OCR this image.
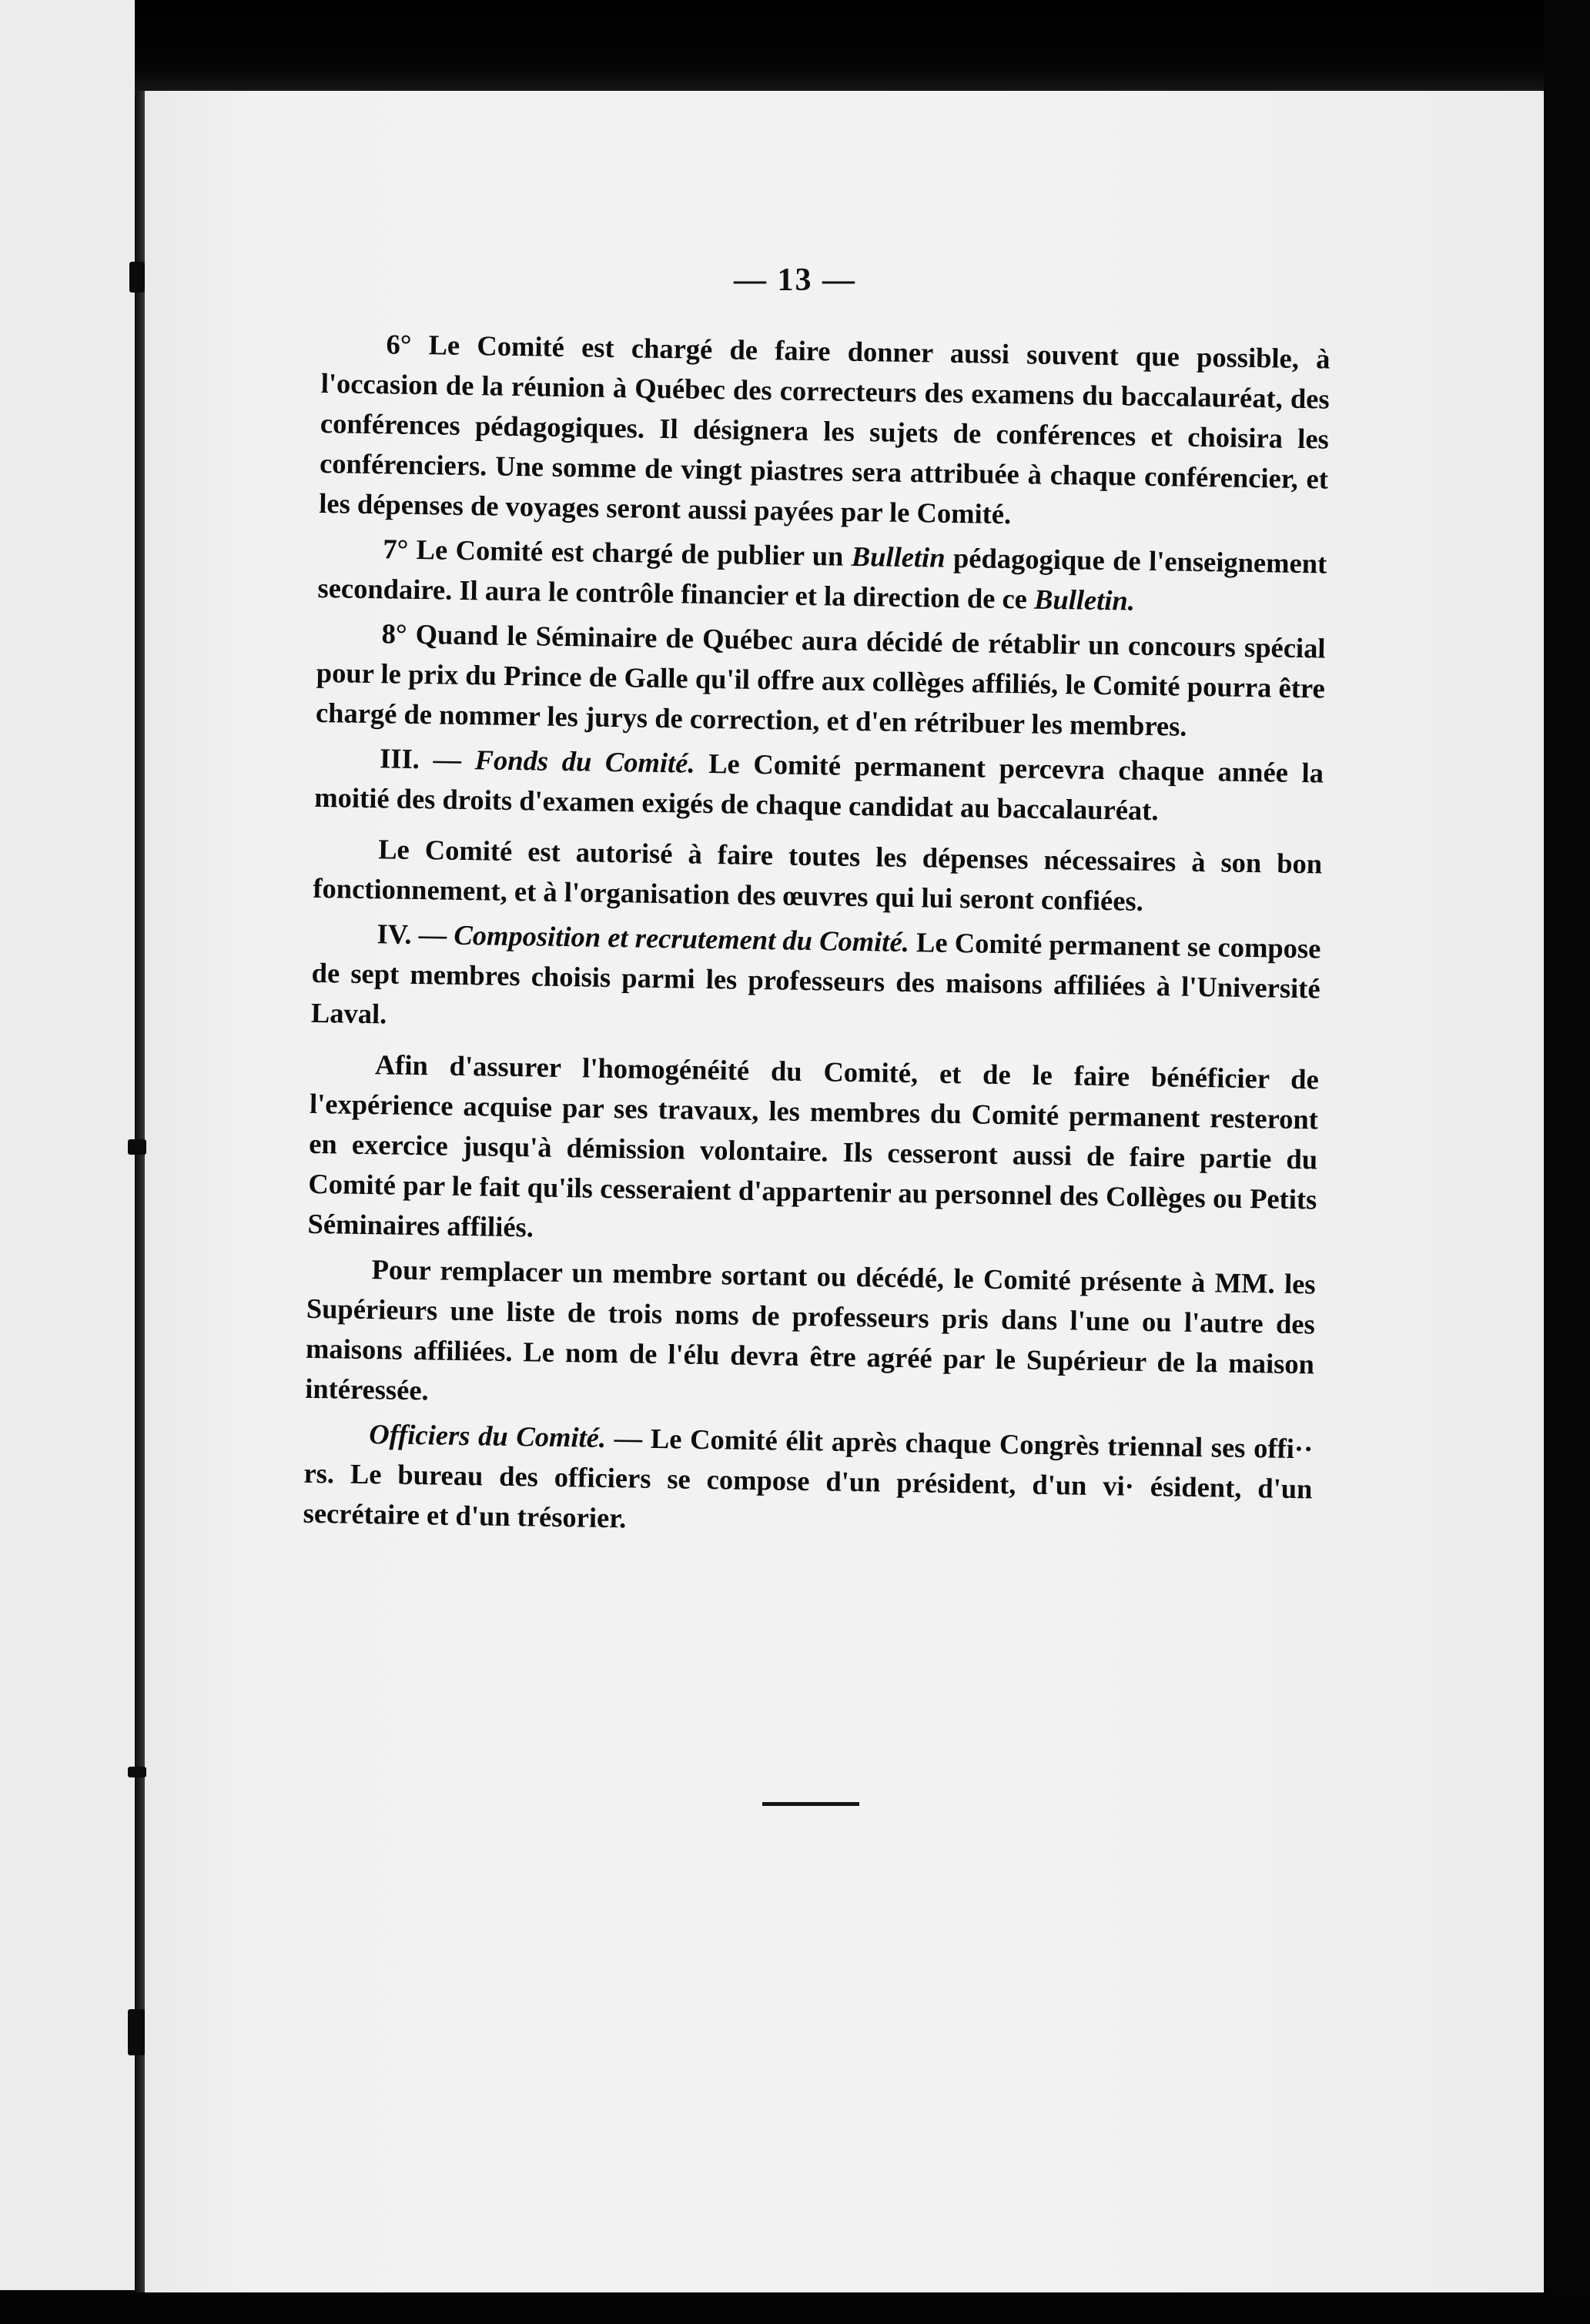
— 13 —

6° Le Comité est chargé de faire donner aussi souvent que possible, à l'occasion de la réunion à Québec des correcteurs des examens du baccalauréat, des conférences pédagogiques. Il désignera les sujets de conférences et choisira les conférenciers. Une somme de vingt piastres sera attribuée à chaque conférencier, et les dépenses de voyages seront aussi payées par le Comité.

7° Le Comité est chargé de publier un Bulletin pédagogique de l'enseignement secondaire. Il aura le contrôle financier et la direction de ce Bulletin.

8° Quand le Séminaire de Québec aura décidé de rétablir un concours spécial pour le prix du Prince de Galle qu'il offre aux collèges affiliés, le Comité pourra être chargé de nommer les jurys de correction, et d'en rétribuer les membres.

III. — Fonds du Comité. Le Comité permanent percevra chaque année la moitié des droits d'examen exigés de chaque candidat au baccalauréat.

Le Comité est autorisé à faire toutes les dépenses nécessaires à son bon fonctionnement, et à l'organisation des œuvres qui lui seront confiées.

IV. — Composition et recrutement du Comité. Le Comité permanent se compose de sept membres choisis parmi les professeurs des maisons affiliées à l'Université Laval.

Afin d'assurer l'homogénéité du Comité, et de le faire bénéficier de l'expérience acquise par ses travaux, les membres du Comité permanent resteront en exercice jusqu'à démission volontaire. Ils cesseront aussi de faire partie du Comité par le fait qu'ils cesseraient d'appartenir au personnel des Collèges ou Petits Séminaires affiliés.

Pour remplacer un membre sortant ou décédé, le Comité présente à MM. les Supérieurs une liste de trois noms de professeurs pris dans l'une ou l'autre des maisons affiliées. Le nom de l'élu devra être agréé par le Supérieur de la maison intéressée.

Officiers du Comité. — Le Comité élit après chaque Congrès triennal ses offi·· rs. Le bureau des officiers se compose d'un président, d'un vi· ésident, d'un secrétaire et d'un trésorier.
